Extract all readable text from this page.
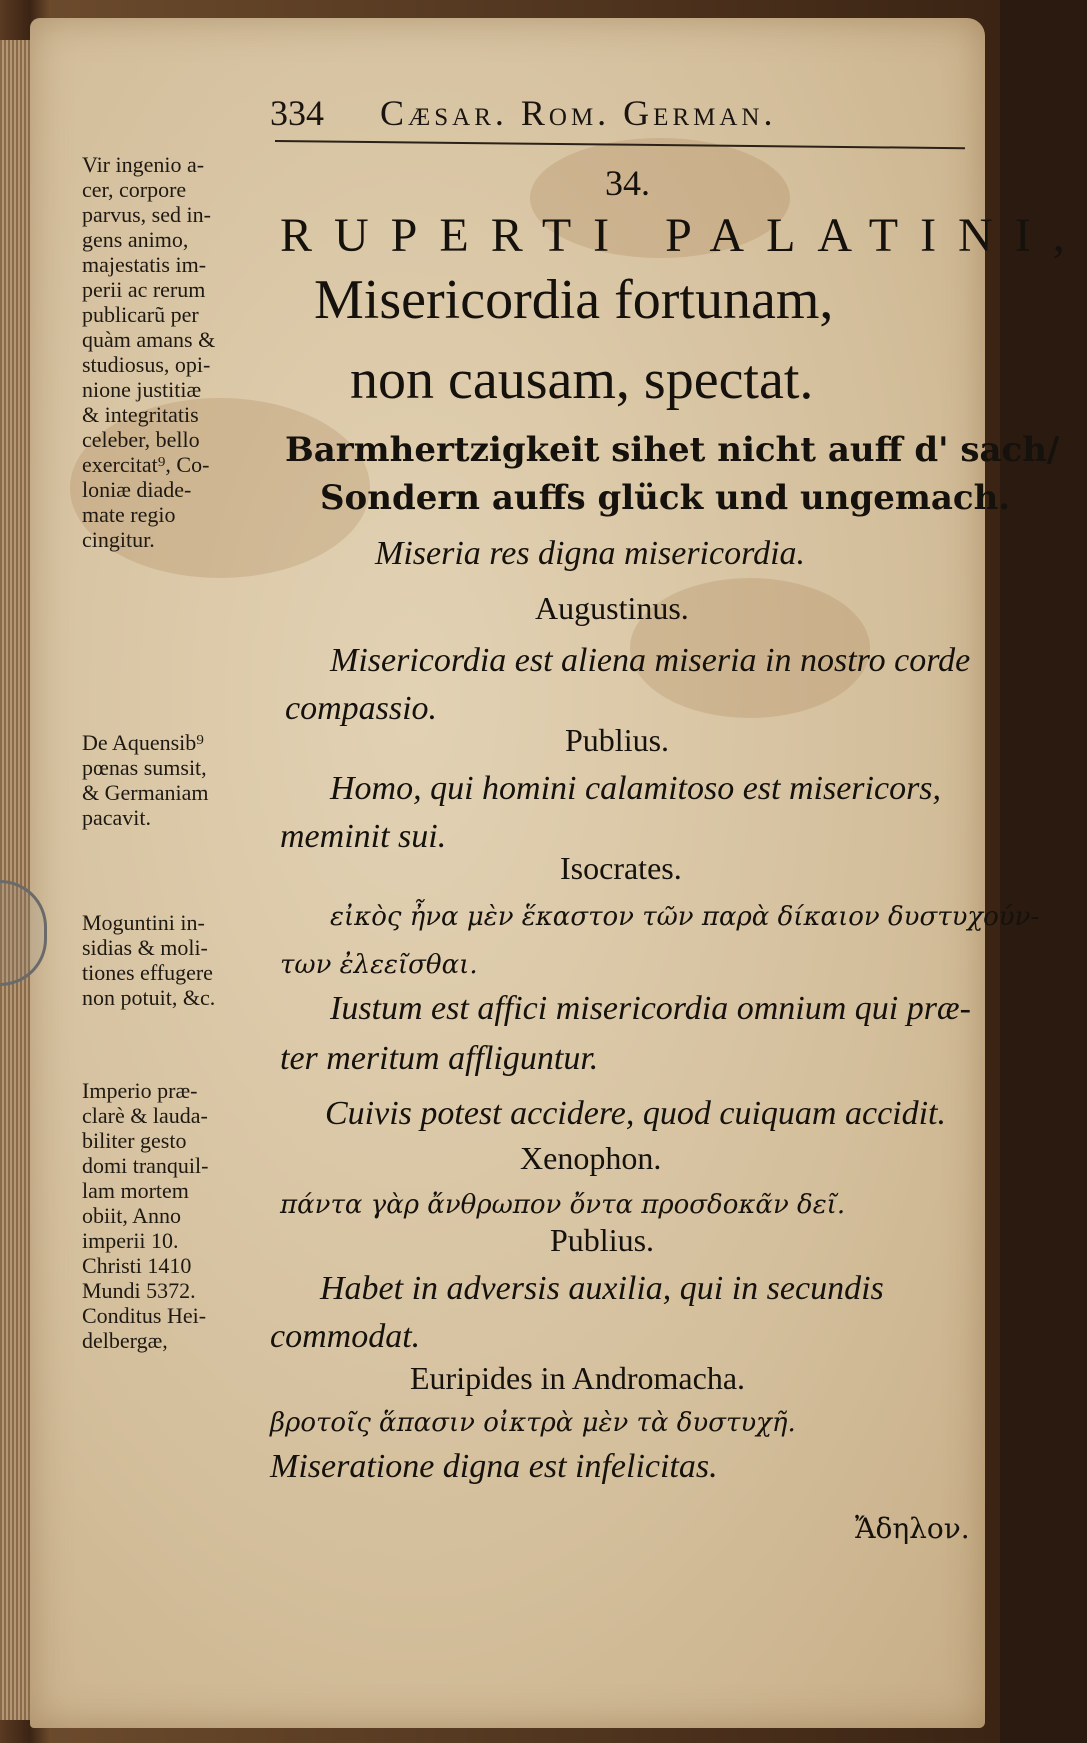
334 Cæsar. Rom. German.
Vir ingenio a-
cer, corpore
parvus, sed in-
gens animo,
majestatis im-
perii ac rerum
publicarũ per
quàm amans &
studiosus, opi-
nione justitiæ
& integritatis
celeber, bello
exercitat⁹, Co-
loniæ diade-
mate regio
cingitur.
De Aquensib⁹
pœnas sumsit,
& Germaniam
pacavit.
Moguntini in-
sidias & moli-
tiones effugere
non potuit, &c.
Imperio præ-
clarè & lauda-
biliter gesto
domi tranquil-
lam mortem
obiit, Anno
imperii 10.
Christi 1410
Mundi 5372.
Conditus Hei-
delbergæ,
34.
RUPERTI PALATINI,
Misericordia fortunam,
non causam, spectat.
Barmhertzigkeit sihet nicht auff d' sach/
Sondern auffs glück und ungemach.
Miseria res digna misericordia.
Augustinus.
Misericordia est aliena miseria in nostro corde
compassio.
Publius.
Homo, qui homini calamitoso est misericors,
meminit sui.
Isocrates.
εἰκὸς ἦνα μὲν ἕκαστον τῶν παρὰ δίκαιον δυστυχούν-
των ἐλεεῖσθαι.
Iustum est affici misericordia omnium qui præ-
ter meritum affliguntur.
Cuivis potest accidere, quod cuiquam accidit.
Xenophon.
πάντα γὰρ ἄνθρωπον ὄντα προσδοκᾶν δεῖ.
Publius.
Habet in adversis auxilia, qui in secundis
commodat.
Euripides in Andromacha.
βροτοῖς ἅπασιν οἰκτρὰ μὲν τὰ δυστυχῆ.
Miseratione digna est infelicitas.
Ἄδηλον.
